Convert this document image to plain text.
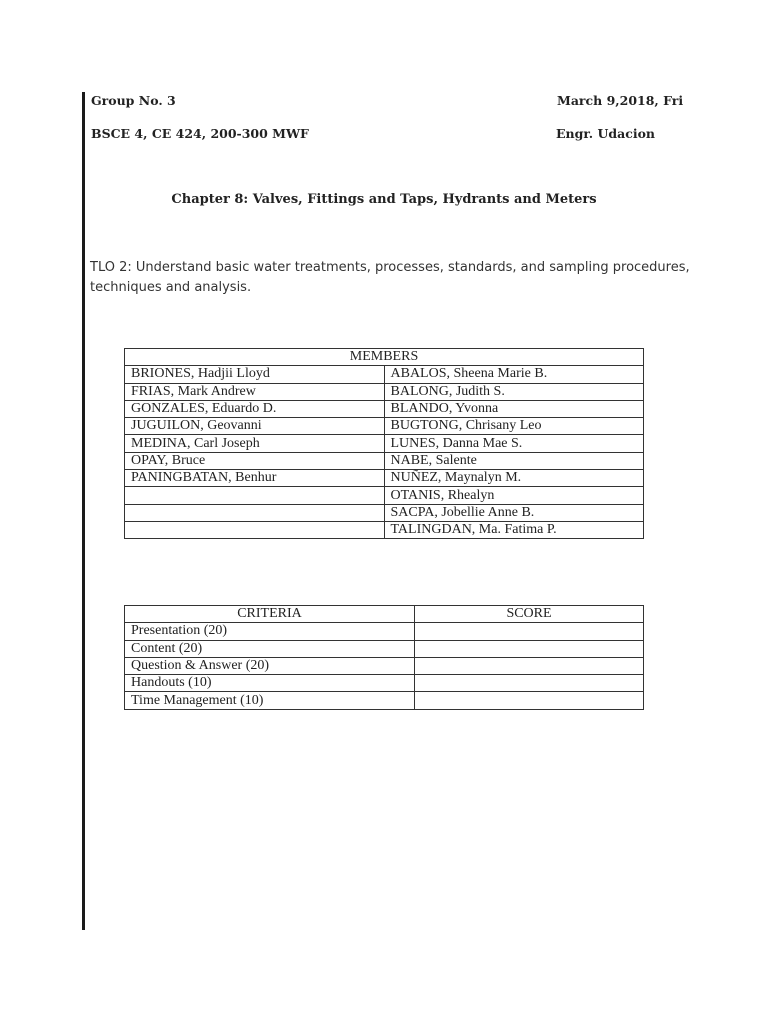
Group No. 3	March 9,2018, Fri
BSCE 4, CE 424, 200-300 MWF	Engr. Udacion
Chapter 8: Valves, Fittings and Taps, Hydrants and Meters
TLO 2: Understand basic water treatments, processes, standards, and sampling procedures,
techniques and analysis.
MEMBERS	
BRIONES, Hadjii Lloyd	ABALOS, Sheena Marie B.
FRIAS, Mark Andrew	BALONG, Judith S.
GONZALES, Eduardo D.	BLANDO, Yvonna
JUGUILON, Geovanni	BUGTONG, Chrisany Leo
MEDINA, Carl Joseph	LUNES, Danna Mae S.
OPAY, Bruce	NABE, Salente
PANINGBATAN, Benhur	NUÑEZ, Maynalyn M.
	OTANIS, Rhealyn
	SACPA, Jobellie Anne B.
	TALINGDAN, Ma. Fatima P.
CRITERIA	SCORE
Presentation (20)	
Content (20)	
Question & Answer (20)	
Handouts (10)	
Time Management (10)	
